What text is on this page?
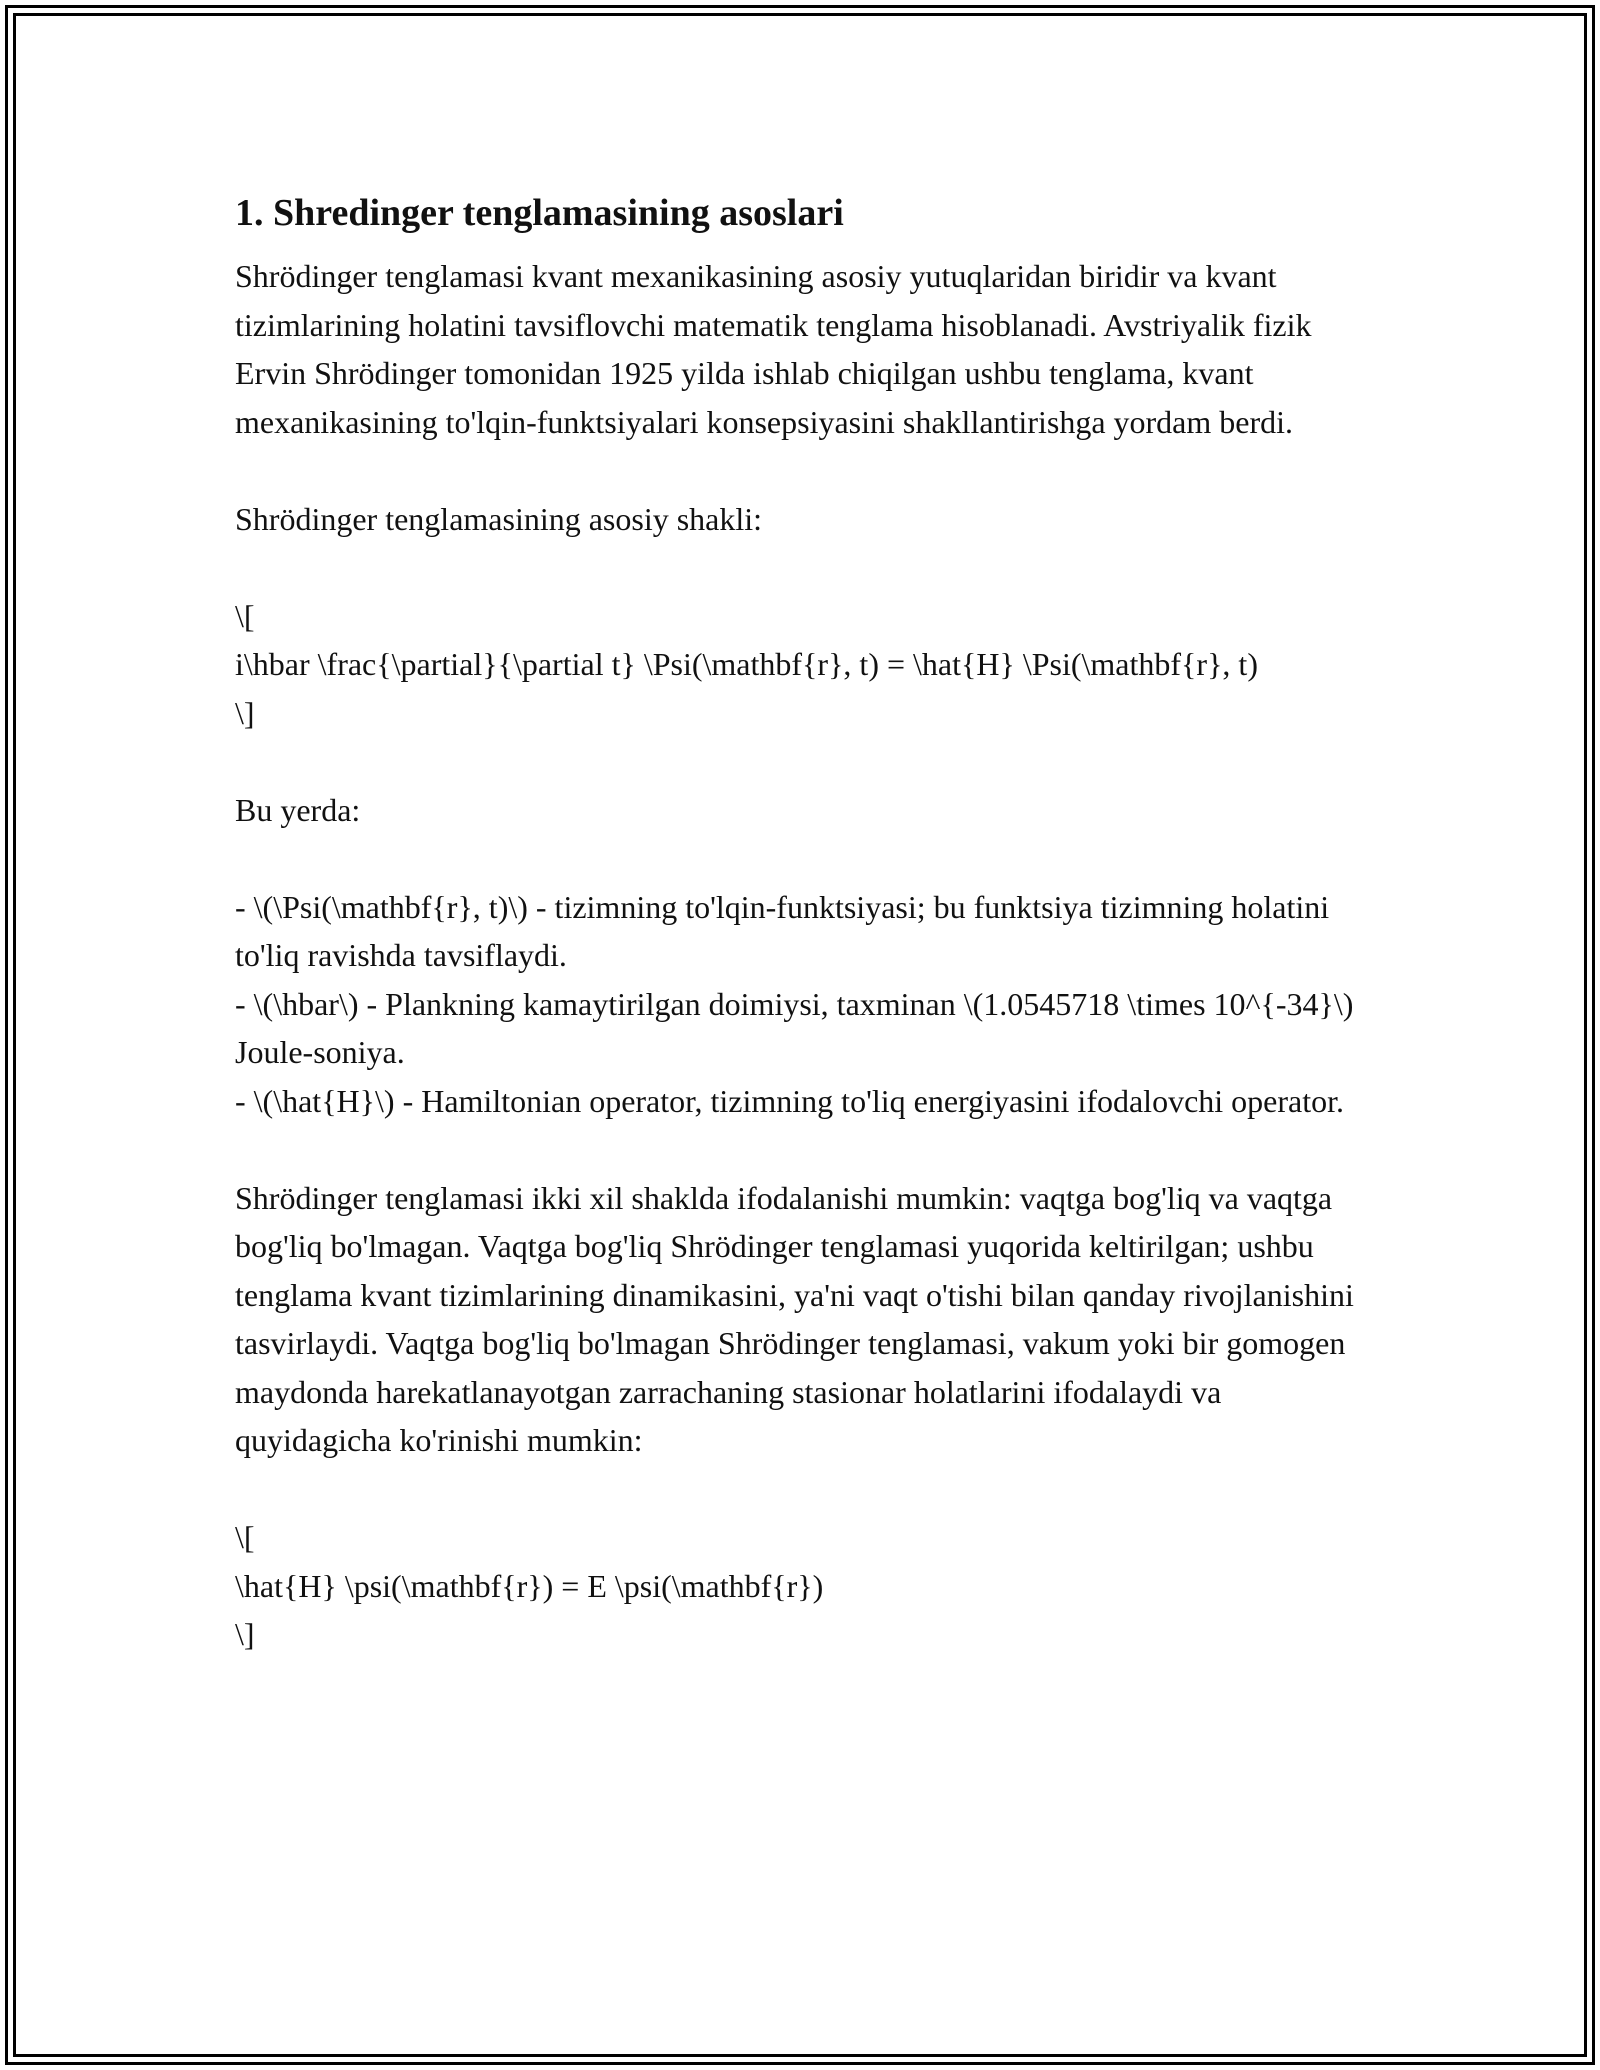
1. Shredinger tenglamasining asoslari

Shrödinger tenglamasi kvant mexanikasining asosiy yutuqlaridan biridir va kvant tizimlarining holatini tavsiflovchi matematik tenglama hisoblanadi. Avstriyalik fizik Ervin Shrödinger tomonidan 1925 yilda ishlab chiqilgan ushbu tenglama, kvant mexanikasining to'lqin-funktsiyalari konsepsiyasini shakllantirishga yordam berdi.

Shrödinger tenglamasining asosiy shakli:

\[
i\hbar \frac{\partial}{\partial t} \Psi(\mathbf{r}, t) = \hat{H} \Psi(\mathbf{r}, t)
\]

Bu yerda:

- \(\Psi(\mathbf{r}, t)\) - tizimning to'lqin-funktsiyasi; bu funktsiya tizimning holatini to'liq ravishda tavsiflaydi.
- \(\hbar\) - Plankning kamaytirilgan doimiysi, taxminan \(1.0545718 \times 10^{-34}\) Joule-soniya.
- \(\hat{H}\) - Hamiltonian operator, tizimning to'liq energiyasini ifodalovchi operator.

Shrödinger tenglamasi ikki xil shaklda ifodalanishi mumkin: vaqtga bog'liq va vaqtga bog'liq bo'lmagan. Vaqtga bog'liq Shrödinger tenglamasi yuqorida keltirilgan; ushbu tenglama kvant tizimlarining dinamikasini, ya'ni vaqt o'tishi bilan qanday rivojlanishini tasvirlaydi. Vaqtga bog'liq bo'lmagan Shrödinger tenglamasi, vakum yoki bir gomogen maydonda harekatlanayotgan zarrachaning stasionar holatlarini ifodalaydi va quyidagicha ko'rinishi mumkin:

\[
\hat{H} \psi(\mathbf{r}) = E \psi(\mathbf{r})
\]
